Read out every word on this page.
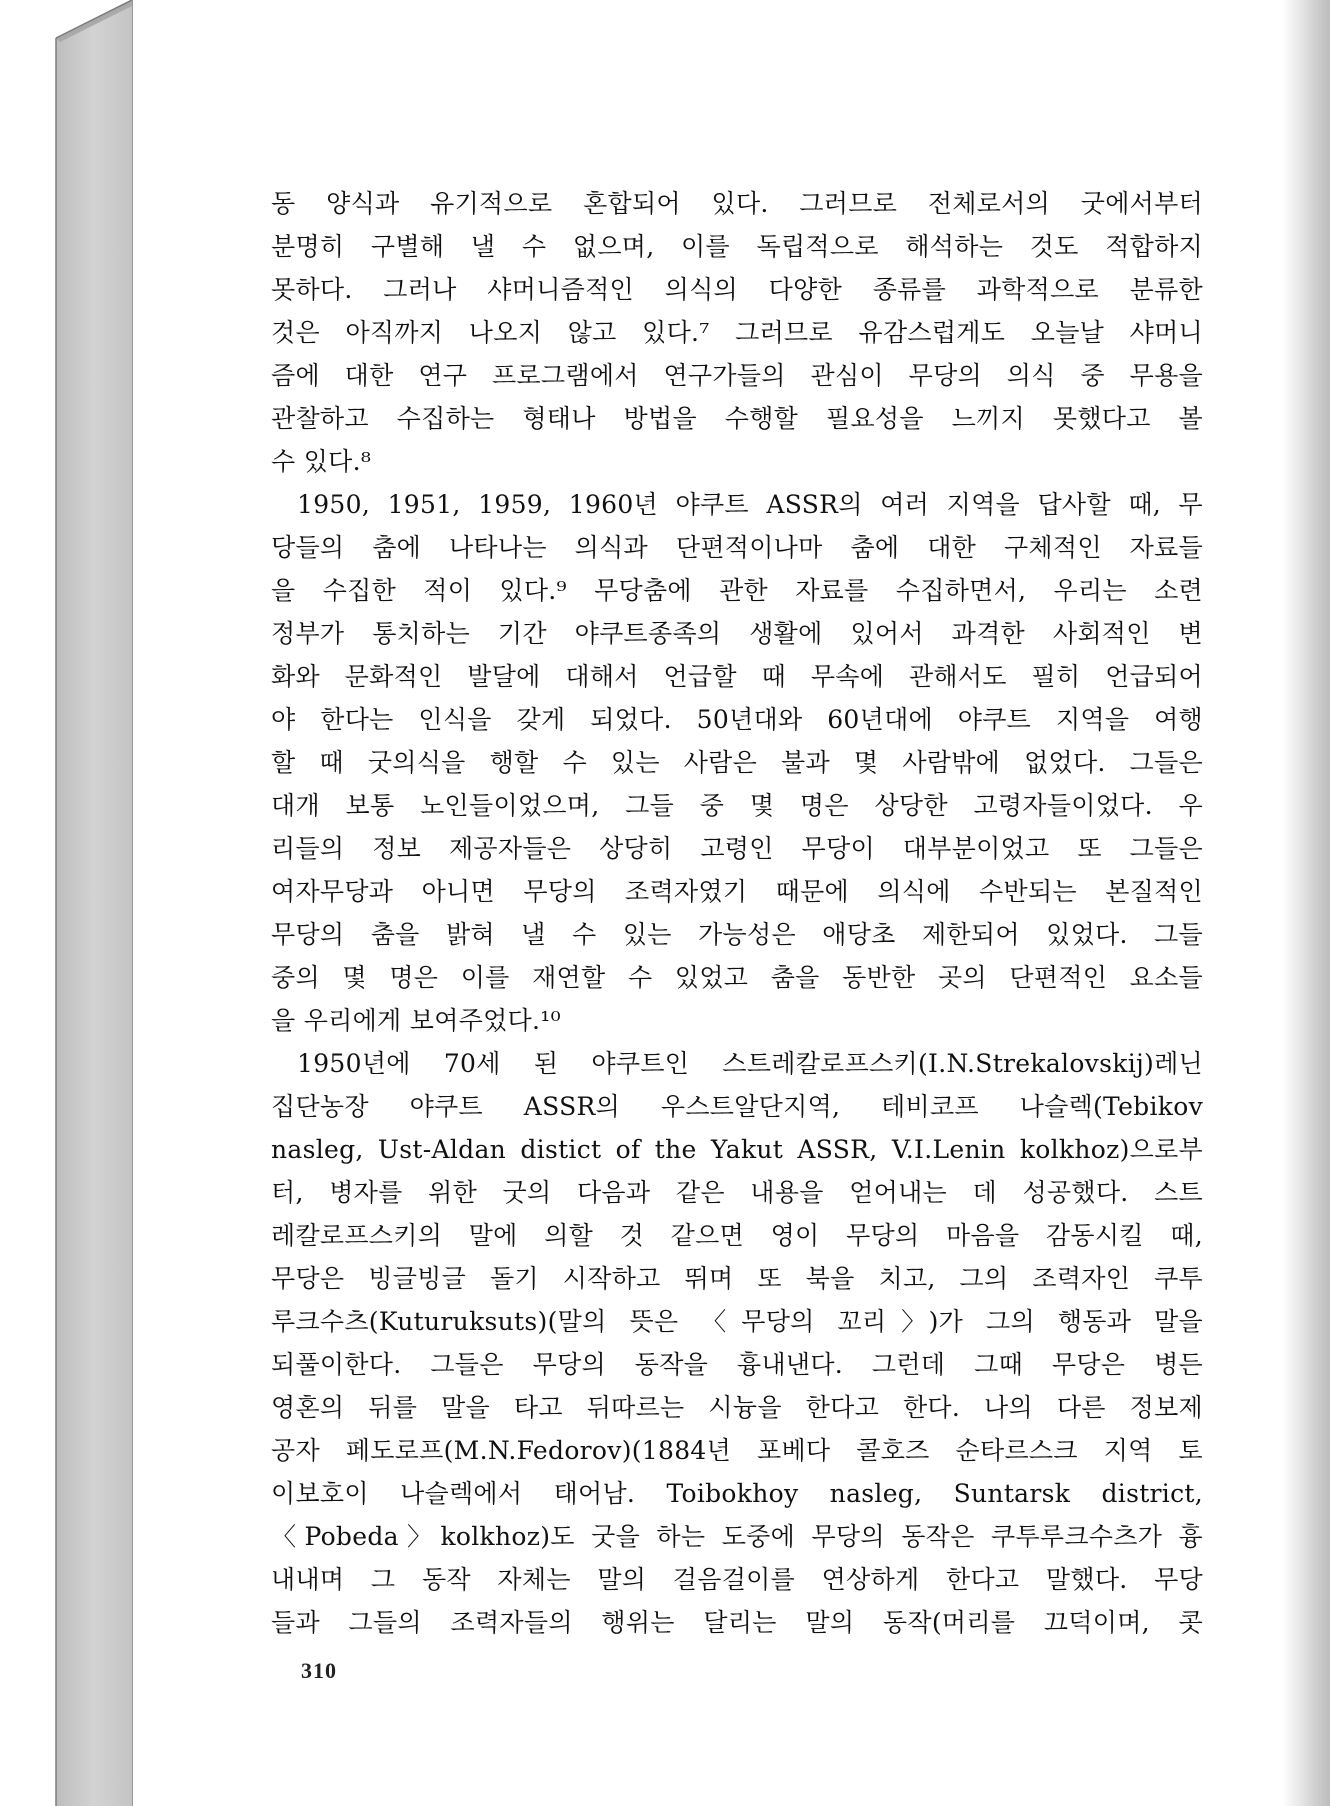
동 양식과 유기적으로 혼합되어 있다. 그러므로 전체로서의 굿에서부터
분명히 구별해 낼 수 없으며, 이를 독립적으로 해석하는 것도 적합하지
못하다. 그러나 샤머니즘적인 의식의 다양한 종류를 과학적으로 분류한
것은 아직까지 나오지 않고 있다.⁷ 그러므로 유감스럽게도 오늘날 샤머니
즘에 대한 연구 프로그램에서 연구가들의 관심이 무당의 의식 중 무용을
관찰하고 수집하는 형태나 방법을 수행할 필요성을 느끼지 못했다고 볼
수 있다.⁸
1950, 1951, 1959, 1960년 야쿠트 ASSR의 여러 지역을 답사할 때, 무
당들의 춤에 나타나는 의식과 단편적이나마 춤에 대한 구체적인 자료들
을 수집한 적이 있다.⁹ 무당춤에 관한 자료를 수집하면서, 우리는 소련
정부가 통치하는 기간 야쿠트종족의 생활에 있어서 과격한 사회적인 변
화와 문화적인 발달에 대해서 언급할 때 무속에 관해서도 필히 언급되어
야 한다는 인식을 갖게 되었다. 50년대와 60년대에 야쿠트 지역을 여행
할 때 굿의식을 행할 수 있는 사람은 불과 몇 사람밖에 없었다. 그들은
대개 보통 노인들이었으며, 그들 중 몇 명은 상당한 고령자들이었다. 우
리들의 정보 제공자들은 상당히 고령인 무당이 대부분이었고 또 그들은
여자무당과 아니면 무당의 조력자였기 때문에 의식에 수반되는 본질적인
무당의 춤을 밝혀 낼 수 있는 가능성은 애당초 제한되어 있었다. 그들
중의 몇 명은 이를 재연할 수 있었고 춤을 동반한 곳의 단편적인 요소들
을 우리에게 보여주었다.¹⁰
1950년에 70세 된 야쿠트인 스트레칼로프스키(I.N.Strekalovskij)레닌
집단농장 야쿠트 ASSR의 우스트알단지역, 테비코프 나슬렉(Tebikov
nasleg, Ust-Aldan distict of the Yakut ASSR, V.I.Lenin kolkhoz)으로부
터, 병자를 위한 굿의 다음과 같은 내용을 얻어내는 데 성공했다. 스트
레칼로프스키의 말에 의할 것 같으면 영이 무당의 마음을 감동시킬 때,
무당은 빙글빙글 돌기 시작하고 뛰며 또 북을 치고, 그의 조력자인 쿠투
루크수츠(Kuturuksuts)(말의 뜻은 〈무당의 꼬리〉)가 그의 행동과 말을
되풀이한다. 그들은 무당의 동작을 흉내낸다. 그런데 그때 무당은 병든
영혼의 뒤를 말을 타고 뒤따르는 시늉을 한다고 한다. 나의 다른 정보제
공자 페도로프(M.N.Fedorov)(1884년 포베다 콜호즈 순타르스크 지역 토
이보호이 나슬렉에서 태어남. Toibokhoy nasleg, Suntarsk district,
〈Pobeda〉kolkhoz)도 굿을 하는 도중에 무당의 동작은 쿠투루크수츠가 흉
내내며 그 동작 자체는 말의 걸음걸이를 연상하게 한다고 말했다. 무당
들과 그들의 조력자들의 행위는 달리는 말의 동작(머리를 끄덕이며, 콧
310
